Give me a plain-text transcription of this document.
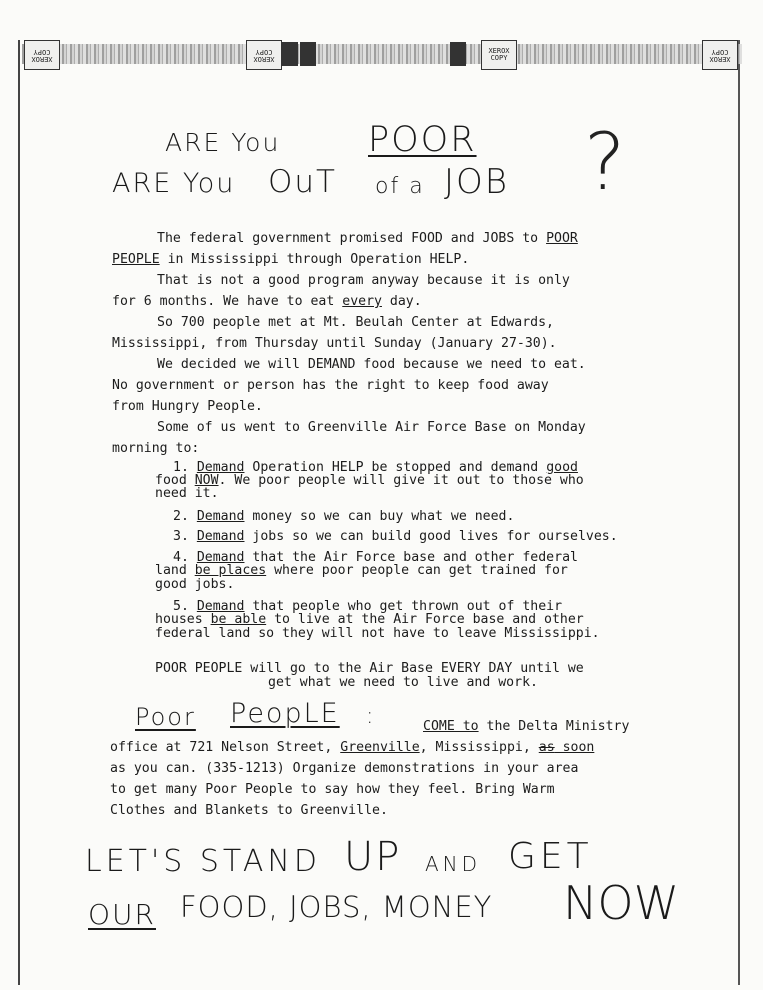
XEROX COPY
XEROX COPY	XEROX COPY	XEROX COPY
ARE You	POOR
ARE You OuT of a JOB ?
The federal government promised FOOD and JOBS to POOR
PEOPLE in Mississippi through Operation HELP.
That is not a good program anyway because it is only
for 6 months. We have to eat every day.
So 700 people met at Mt. Beulah Center at Edwards,
Mississippi, from Thursday until Sunday (January 27-30).
We decided we will DEMAND food because we need to eat.
No government or person has the right to keep food away
from Hungry People.
Some of us went to Greenville Air Force Base on Monday
morning to:
1. Demand Operation HELP be stopped and demand good
food NOW. We poor people will give it out to those who
need it.
2. Demand money so we can buy what we need.
3. Demand jobs so we can build good lives for ourselves.
4. Demand that the Air Force base and other federal
land be places where poor people can get trained for
good jobs.
5. Demand that people who get thrown out of their
houses be able to live at the Air Force base and other
federal land so they will not have to leave Mississippi.
POOR PEOPLE will go to the Air Base EVERY DAY until we
get what we need to live and work.
Poor PeopLE :	COME to the Delta Ministry
office at 721 Nelson Street, Greenville, Mississippi, as soon
as you can. (335-1213) Organize demonstrations in your area
to get many Poor People to say how they feel. Bring Warm
Clothes and Blankets to Greenville.
LET'S STAND UP AND GET
OUR FOOD, JOBS, MONEY NOW
